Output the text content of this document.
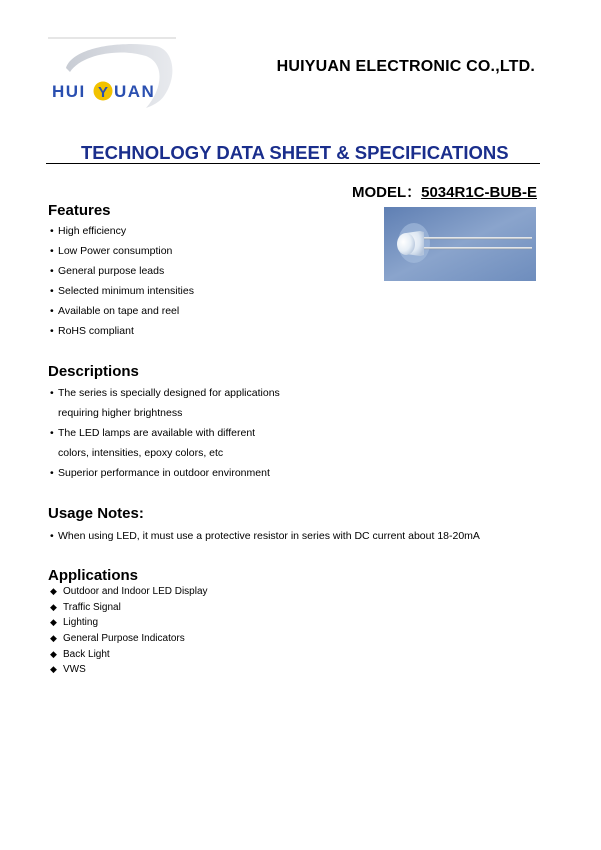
HUI Y UAN
HUIYUAN ELECTRONIC CO.,LTD.
TECHNOLOGY DATA SHEET & SPECIFICATIONS
MODEL：5034R1C-BUB-E
Features
• High efficiency
• Low Power consumption
• General purpose leads
• Selected minimum intensities
• Available on tape and reel
• RoHS compliant
Descriptions
• The series is specially designed for applications
requiring higher brightness
• The LED lamps are available with different
colors, intensities, epoxy colors, etc
• Superior performance in outdoor environment
Usage Notes:
• When using LED, it must use a protective resistor in series with DC current about 18-20mA
Applications
◆ Outdoor and Indoor LED Display
◆ Traffic Signal
◆ Lighting
◆ General Purpose Indicators
◆ Back Light
◆ VWS
